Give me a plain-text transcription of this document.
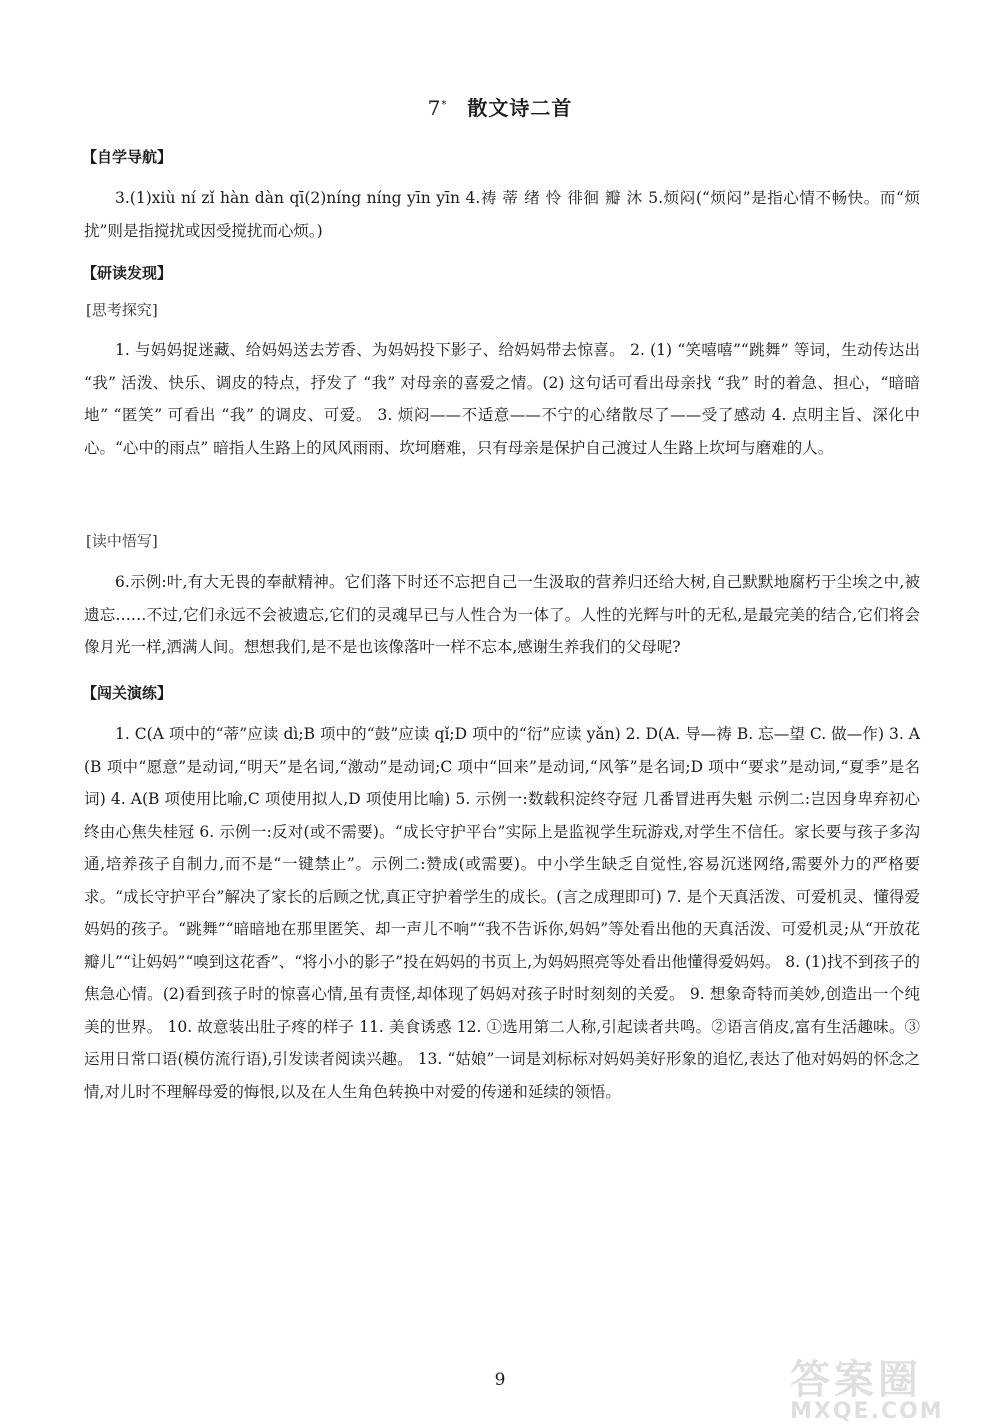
7* 散文诗二首
【自学导航】
3.(1)xiù ní zǐ hàn dàn qī(2)níng níng yīn yīn 4.祷 蒂 绪 怜 徘徊 瓣 沐 5.烦闷(“烦闷”是指心情不畅快。而“烦扰”则是指搅扰或因受搅扰而心烦。)
【研读发现】
[思考探究]
1. 与妈妈捉迷藏、给妈妈送去芳香、为妈妈投下影子、给妈妈带去惊喜。 2. (1) “笑嘻嘻”“跳舞” 等词，生动传达出 “我” 活泼、快乐、调皮的特点，抒发了 “我” 对母亲的喜爱之情。(2) 这句话可看出母亲找 “我” 时的着急、担心，“暗暗地” “匿笑” 可看出 “我” 的调皮、可爱。 3. 烦闷——不适意——不宁的心绪散尽了——受了感动 4. 点明主旨、深化中心。“心中的雨点” 暗指人生路上的风风雨雨、坎坷磨难，只有母亲是保护自己渡过人生路上坎坷与磨难的人。
[读中悟写]
6.示例:叶,有大无畏的奉献精神。它们落下时还不忘把自己一生汲取的营养归还给大树,自己默默地腐朽于尘埃之中,被遗忘……不过,它们永远不会被遗忘,它们的灵魂早已与人性合为一体了。人性的光辉与叶的无私,是最完美的结合,它们将会像月光一样,洒满人间。想想我们,是不是也该像落叶一样不忘本,感谢生养我们的父母呢?
【闯关演练】
1. C(A 项中的“蒂”应读 dì;B 项中的“鼓”应读 qǐ;D 项中的“衍”应读 yǎn) 2. D(A. 导—祷 B. 忘—望 C. 做—作) 3. A(B 项中“愿意”是动词,“明天”是名词,“激动”是动词;C 项中“回来”是动词,“风筝”是名词;D 项中“要求”是动词,“夏季”是名词) 4. A(B 项使用比喻,C 项使用拟人,D 项使用比喻) 5. 示例一:数载积淀终夺冠 几番冒进再失魁 示例二:岂因身卑弃初心 终由心焦失桂冠 6. 示例一:反对(或不需要)。“成长守护平台”实际上是监视学生玩游戏,对学生不信任。家长要与孩子多沟通,培养孩子自制力,而不是“一键禁止”。示例二:赞成(或需要)。中小学生缺乏自觉性,容易沉迷网络,需要外力的严格要求。“成长守护平台”解决了家长的后顾之忧,真正守护着学生的成长。(言之成理即可) 7. 是个天真活泼、可爱机灵、懂得爱妈妈的孩子。“跳舞”“暗暗地在那里匿笑、却一声儿不响”“我不告诉你,妈妈”等处看出他的天真活泼、可爱机灵;从“开放花瓣儿”“让妈妈”“嗅到这花香”、“将小小的影子”投在妈妈的书页上,为妈妈照亮等处看出他懂得爱妈妈。 8. (1)找不到孩子的焦急心情。(2)看到孩子时的惊喜心情,虽有责怪,却体现了妈妈对孩子时时刻刻的关爱。 9. 想象奇特而美妙,创造出一个纯美的世界。 10. 故意装出肚子疼的样子 11. 美食诱惑 12. ①选用第二人称,引起读者共鸣。②语言俏皮,富有生活趣味。③运用日常口语(模仿流行语),引发读者阅读兴趣。 13. “姑娘”一词是刘标标对妈妈美好形象的追忆,表达了他对妈妈的怀念之情,对儿时不理解母爱的悔恨,以及在人生角色转换中对爱的传递和延续的领悟。
9	答案圈
MXQE.COM
